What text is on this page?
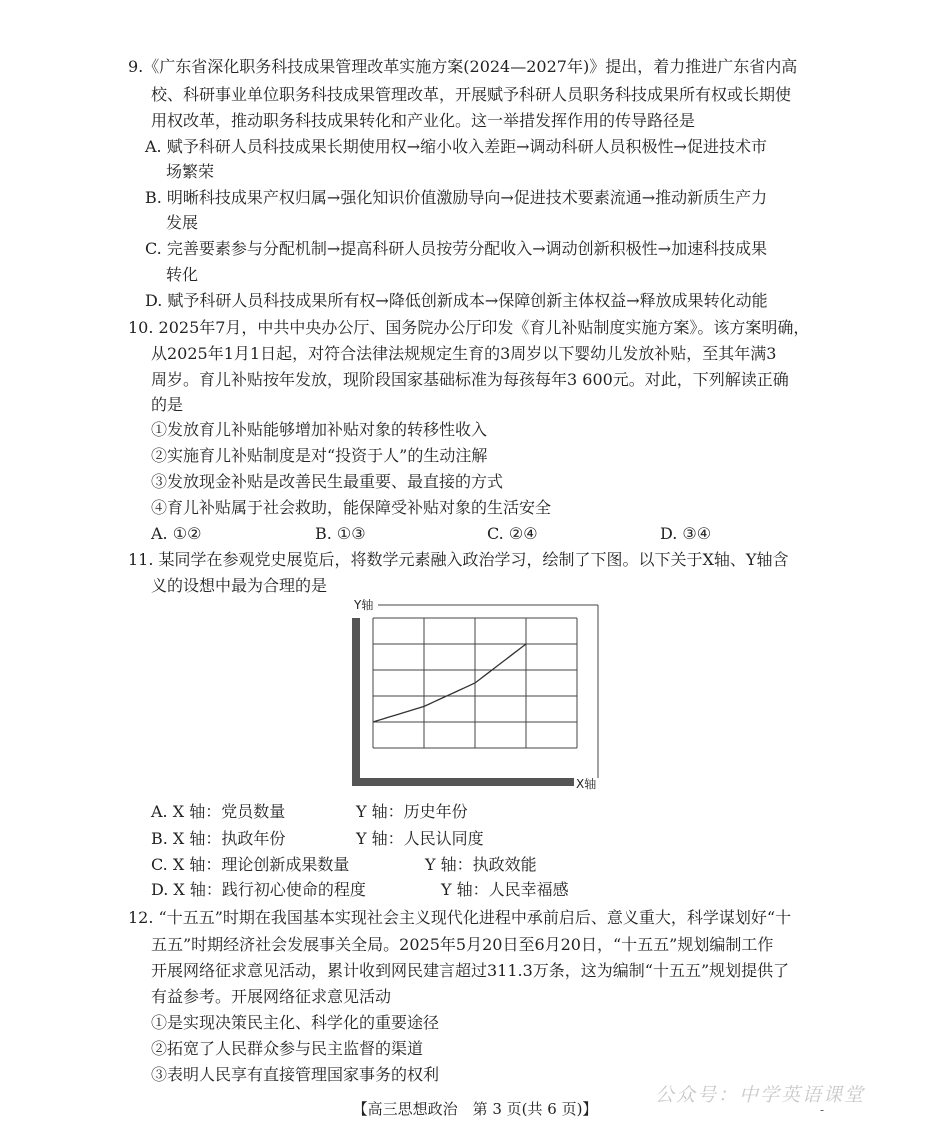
9.《广东省深化职务科技成果管理改革实施方案(2024—2027年)》提出，着力推进广东省内高
校、科研事业单位职务科技成果管理改革，开展赋予科研人员职务科技成果所有权或长期使
用权改革，推动职务科技成果转化和产业化。这一举措发挥作用的传导路径是
A. 赋予科研人员科技成果长期使用权→缩小收入差距→调动科研人员积极性→促进技术市
场繁荣
B. 明晰科技成果产权归属→强化知识价值激励导向→促进技术要素流通→推动新质生产力
发展
C. 完善要素参与分配机制→提高科研人员按劳分配收入→调动创新积极性→加速科技成果
转化
D. 赋予科研人员科技成果所有权→降低创新成本→保障创新主体权益→释放成果转化动能
10. 2025年7月，中共中央办公厅、国务院办公厅印发《育儿补贴制度实施方案》。该方案明确，
从2025年1月1日起，对符合法律法规规定生育的3周岁以下婴幼儿发放补贴，至其年满3
周岁。育儿补贴按年发放，现阶段国家基础标准为每孩每年3 600元。对此，下列解读正确
的是
①发放育儿补贴能够增加补贴对象的转移性收入
②实施育儿补贴制度是对“投资于人”的生动注解
③发放现金补贴是改善民生最重要、最直接的方式
④育儿补贴属于社会救助，能保障受补贴对象的生活安全
A. ①②	B. ①③	C. ②④	D. ③④
11. 某同学在参观党史展览后，将数学元素融入政治学习，绘制了下图。以下关于X轴、Y轴含
义的设想中最为合理的是
Y轴
X轴
A. X 轴：党员数量	Y 轴：历史年份
B. X 轴：执政年份	Y 轴：人民认同度
C. X 轴：理论创新成果数量	Y 轴：执政效能
D. X 轴：践行初心使命的程度	Y 轴：人民幸福感
12. “十五五”时期在我国基本实现社会主义现代化进程中承前启后、意义重大，科学谋划好“十
五五”时期经济社会发展事关全局。2025年5月20日至6月20日，“十五五”规划编制工作
开展网络征求意见活动，累计收到网民建言超过311.3万条，这为编制“十五五”规划提供了
有益参考。开展网络征求意见活动
①是实现决策民主化、科学化的重要途径
②拓宽了人民群众参与民主监督的渠道
③表明人民享有直接管理国家事务的权利
公众号：中学英语课堂
【高三思想政治　第 3 页(共 6 页)】	-
